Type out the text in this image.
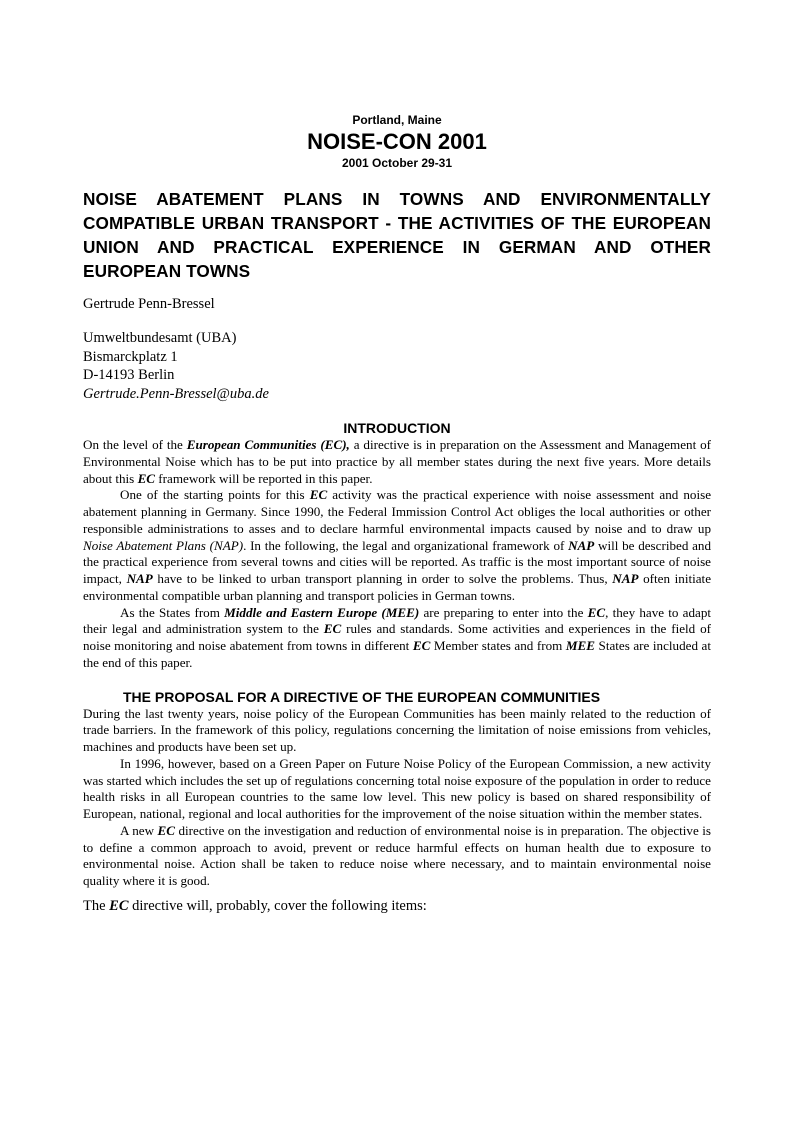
Portland, Maine
NOISE-CON 2001
2001 October 29-31
NOISE ABATEMENT PLANS IN TOWNS AND ENVIRONMENTALLY COMPATIBLE URBAN TRANSPORT - THE ACTIVITIES OF THE EUROPEAN UNION AND PRACTICAL EXPERIENCE IN GERMAN AND OTHER EUROPEAN TOWNS
Gertrude Penn-Bressel
Umweltbundesamt (UBA)
Bismarckplatz 1
D-14193 Berlin
Gertrude.Penn-Bressel@uba.de
INTRODUCTION

On the level of the European Communities (EC), a directive is in preparation on the Assessment and Management of Environmental Noise which has to be put into practice by all member states during the next five years. More details about this EC framework will be reported in this paper.

One of the starting points for this EC activity was the practical experience with noise assessment and noise abatement planning in Germany. Since 1990, the Federal Immission Control Act obliges the local authorities or other responsible administrations to asses and to declare harmful environmental impacts caused by noise and to draw up Noise Abatement Plans (NAP). In the following, the legal and organizational framework of NAP will be described and the practical experience from several towns and cities will be reported. As traffic is the most important source of noise impact, NAP have to be linked to urban transport planning in order to solve the problems. Thus, NAP often initiate environmental compatible urban planning and transport policies in German towns.

As the States from Middle and Eastern Europe (MEE) are preparing to enter into the EC, they have to adapt their legal and administration system to the EC rules and standards. Some activities and experiences in the field of noise monitoring and noise abatement from towns in different EC Member states and from MEE States are included at the end of this paper.

THE PROPOSAL FOR A DIRECTIVE OF THE EUROPEAN COMMUNITIES

During the last twenty years, noise policy of the European Communities has been mainly related to the reduction of trade barriers. In the framework of this policy, regulations concerning the limitation of noise emissions from vehicles, machines and products have been set up.

In 1996, however, based on a Green Paper on Future Noise Policy of the European Commission, a new activity was started which includes the set up of regulations concerning total noise exposure of the population in order to reduce health risks in all European countries to the same low level. This new policy is based on shared responsibility of European, national, regional and local authorities for the improvement of the noise situation within the member states.

A new EC directive on the investigation and reduction of environmental noise is in preparation. The objective is to define a common approach to avoid, prevent or reduce harmful effects on human health due to exposure to environmental noise. Action shall be taken to reduce noise where necessary, and to maintain environmental noise quality where it is good.

The EC directive will, probably, cover the following items:
